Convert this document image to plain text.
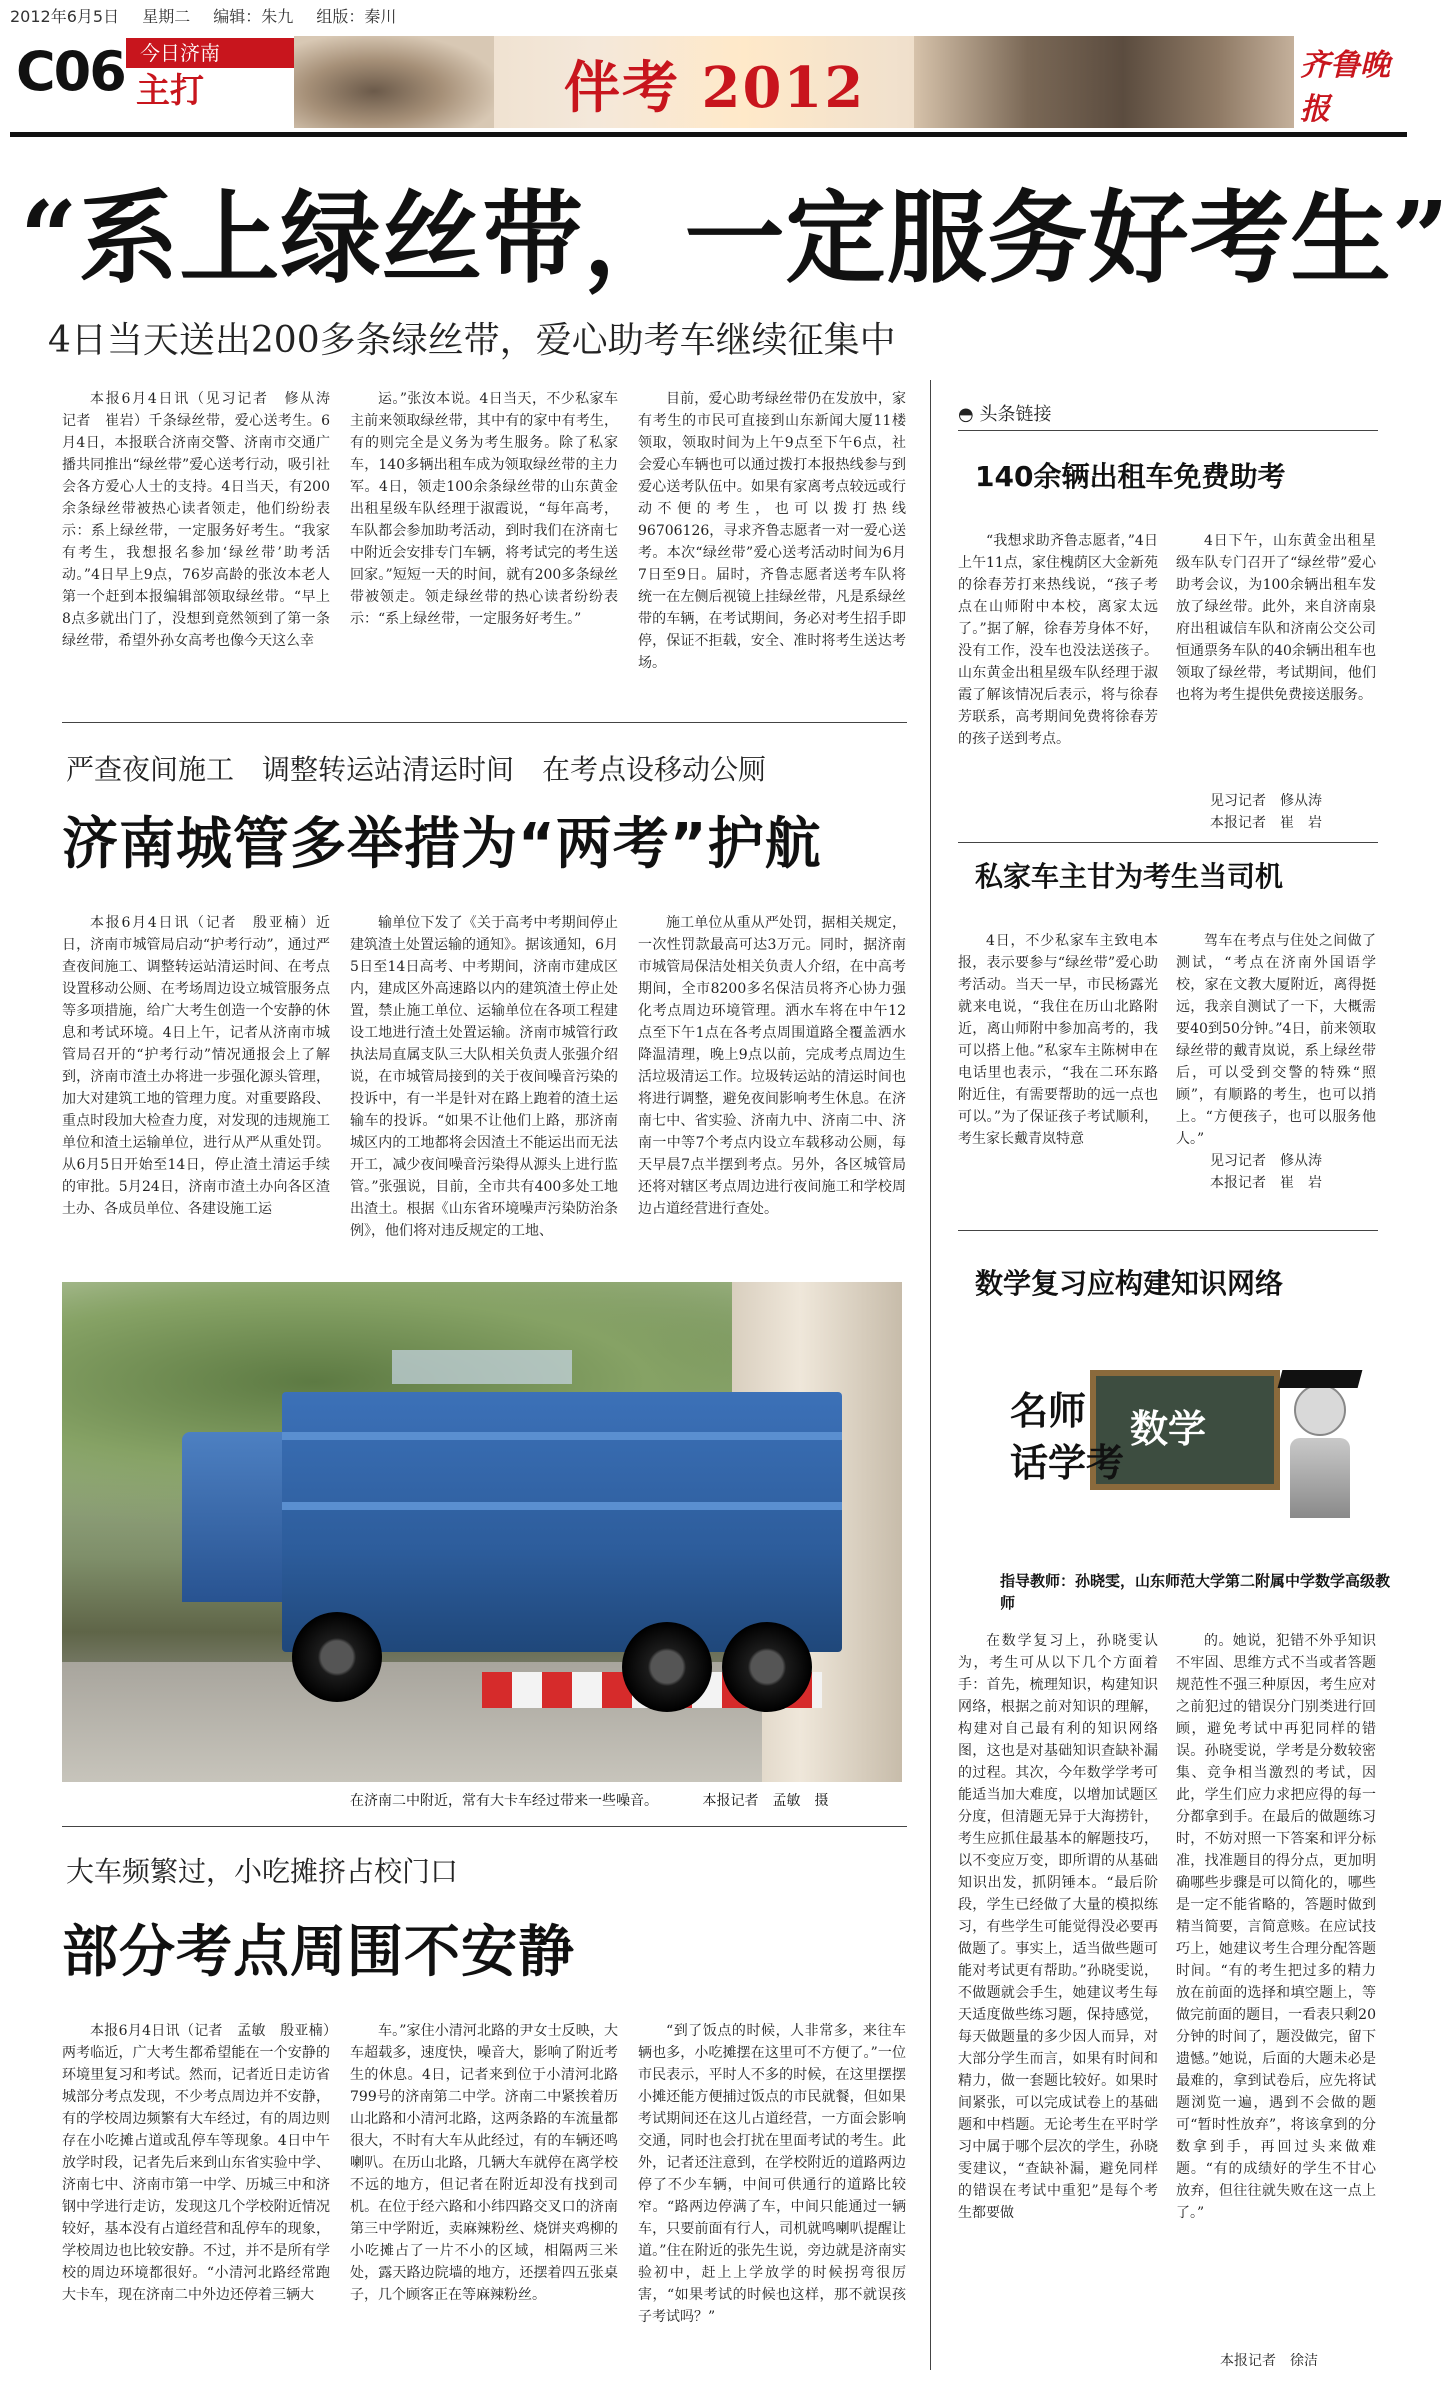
2012年6月5日 星期二 编辑：朱九 组版：秦川
C06 今日济南
主打	伴考 2012	齐鲁晚报
“系上绿丝带，一定服务好考生”
4日当天送出200多条绿丝带，爱心助考车继续征集中

本报6月4日讯（见习记者　修从涛　记者　崔岩）千条绿丝带，爱心送考生。6月4日，本报联合济南交警、济南市交通广播共同推出“绿丝带”爱心送考行动，吸引社会各方爱心人士的支持。4日当天，有200余条绿丝带被热心读者领走，他们纷纷表示：系上绿丝带，一定服务好考生。“我家有考生，我想报名参加‘绿丝带’助考活动。”4日早上9点，76岁高龄的张汝本老人第一个赶到本报编辑部领取绿丝带。“早上8点多就出门了，没想到竟然领到了第一条绿丝带，希望外孙女高考也像今天这么幸

运。”张汝本说。4日当天，不少私家车主前来领取绿丝带，其中有的家中有考生，有的则完全是义务为考生服务。除了私家车，140多辆出租车成为领取绿丝带的主力军。4日，领走100余条绿丝带的山东黄金出租星级车队经理于淑霞说，“每年高考，车队都会参加助考活动，到时我们在济南七中附近会安排专门车辆，将考试完的考生送回家。”短短一天的时间，就有200多条绿丝带被领走。领走绿丝带的热心读者纷纷表示：“系上绿丝带，一定服务好考生。”

目前，爱心助考绿丝带仍在发放中，家有考生的市民可直接到山东新闻大厦11楼领取，领取时间为上午9点至下午6点，社会爱心车辆也可以通过拨打本报热线参与到爱心送考队伍中。如果有家离考点较远或行动不便的考生，也可以拨打热线96706126，寻求齐鲁志愿者一对一爱心送考。本次“绿丝带”爱心送考活动时间为6月7日至9日。届时，齐鲁志愿者送考车队将统一在左侧后视镜上挂绿丝带，凡是系绿丝带的车辆，在考试期间，务必对考生招手即停，保证不拒载，安全、准时将考生送达考场。

严查夜间施工　调整转运站清运时间　在考点设移动公厕
济南城管多举措为“两考”护航

本报6月4日讯（记者　殷亚楠）近日，济南市城管局启动“护考行动”，通过严查夜间施工、调整转运站清运时间、在考点设置移动公厕、在考场周边设立城管服务点等多项措施，给广大考生创造一个安静的休息和考试环境。4日上午，记者从济南市城管局召开的“护考行动”情况通报会上了解到，济南市渣土办将进一步强化源头管理，加大对建筑工地的管理力度。对重要路段、重点时段加大检查力度，对发现的违规施工单位和渣土运输单位，进行从严从重处罚。从6月5日开始至14日，停止渣土清运手续的审批。5月24日，济南市渣土办向各区渣土办、各成员单位、各建设施工运

输单位下发了《关于高考中考期间停止建筑渣土处置运输的通知》。据该通知，6月5日至14日高考、中考期间，济南市建成区内，建成区外高速路以内的建筑渣土停止处置，禁止施工单位、运输单位在各项工程建设工地进行渣土处置运输。济南市城管行政执法局直属支队三大队相关负责人张强介绍说，在市城管局接到的关于夜间噪音污染的投诉中，有一半是针对在路上跑着的渣土运输车的投诉。“如果不让他们上路，那济南城区内的工地都将会因渣土不能运出而无法开工，减少夜间噪音污染得从源头上进行监管。”张强说，目前，全市共有400多处工地出渣土。根据《山东省环境噪声污染防治条例》，他们将对违反规定的工地、

施工单位从重从严处罚，据相关规定，一次性罚款最高可达3万元。同时，据济南市城管局保洁处相关负责人介绍，在中高考期间，全市8200多名保洁员将齐心协力强化考点周边环境管理。洒水车将在中午12点至下午1点在各考点周围道路全覆盖洒水降温清理，晚上9点以前，完成考点周边生活垃圾清运工作。垃圾转运站的清运时间也将进行调整，避免夜间影响考生休息。在济南七中、省实验、济南九中、济南二中、济南一中等7个考点内设立车载移动公厕，每天早晨7点半摆到考点。另外，各区城管局还将对辖区考点周边进行夜间施工和学校周边占道经营进行查处。

在济南二中附近，常有大卡车经过带来一些噪音。	本报记者　孟敏　摄
大车频繁过，小吃摊挤占校门口
部分考点周围不安静

本报6月4日讯（记者　孟敏　殷亚楠）两考临近，广大考生都希望能在一个安静的环境里复习和考试。然而，记者近日走访省城部分考点发现，不少考点周边并不安静，有的学校周边频繁有大车经过，有的周边则存在小吃摊占道或乱停车等现象。4日中午放学时段，记者先后来到山东省实验中学、济南七中、济南市第一中学、历城三中和济钢中学进行走访，发现这几个学校附近情况较好，基本没有占道经营和乱停车的现象，学校周边也比较安静。不过，并不是所有学校的周边环境都很好。“小清河北路经常跑大卡车，现在济南二中外边还停着三辆大

车。”家住小清河北路的尹女士反映，大车超载多，速度快，噪音大，影响了附近考生的休息。4日，记者来到位于小清河北路799号的济南第二中学。济南二中紧挨着历山北路和小清河北路，这两条路的车流量都很大，不时有大车从此经过，有的车辆还鸣喇叭。在历山北路，几辆大车就停在离学校不远的地方，但记者在附近却没有找到司机。在位于经六路和小纬四路交叉口的济南第三中学附近，卖麻辣粉丝、烧饼夹鸡柳的小吃摊占了一片不小的区域，相隔两三米处，露天路边院墙的地方，还摆着四五张桌子，几个顾客正在等麻辣粉丝。

“到了饭点的时候，人非常多，来往车辆也多，小吃摊摆在这里可不方便了。”一位市民表示，平时人不多的时候，在这里摆摆小摊还能方便捕过饭点的市民就餐，但如果考试期间还在这儿占道经营，一方面会影响交通，同时也会打扰在里面考试的考生。此外，记者还注意到，在学校附近的道路两边停了不少车辆，中间可供通行的道路比较窄。“路两边停满了车，中间只能通过一辆车，只要前面有行人，司机就鸣喇叭提醒让道。”住在附近的张先生说，旁边就是济南实验初中，赶上上学放学的时候拐弯很厉害，“如果考试的时候也这样，那不就误孩子考试吗？”

◓ 头条链接
140余辆出租车免费助考

“我想求助齐鲁志愿者，”4日上午11点，家住槐荫区大金新苑的徐春芳打来热线说，“孩子考点在山师附中本校，离家太远了。”据了解，徐春芳身体不好，没有工作，没车也没法送孩子。山东黄金出租星级车队经理于淑霞了解该情况后表示，将与徐春芳联系，高考期间免费将徐春芳的孩子送到考点。

4日下午，山东黄金出租星级车队专门召开了“绿丝带”爱心助考会议，为100余辆出租车发放了绿丝带。此外，来自济南泉府出租诚信车队和济南公交公司恒通票务车队的40余辆出租车也领取了绿丝带，考试期间，他们也将为考生提供免费接送服务。

见习记者　修从涛
本报记者　崔　岩
私家车主甘为考生当司机

4日，不少私家车主致电本报，表示要参与“绿丝带”爱心助考活动。当天一早，市民杨露光就来电说，“我住在历山北路附近，离山师附中参加高考的，我可以搭上他。”私家车主陈树申在电话里也表示，“我在二环东路附近住，有需要帮助的远一点也可以。”为了保证孩子考试顺利，考生家长戴青岚特意

驾车在考点与住处之间做了测试，“考点在济南外国语学校，家在文教大厦附近，离得挺远，我亲自测试了一下，大概需要40到50分钟。”4日，前来领取绿丝带的戴青岚说，系上绿丝带后，可以受到交警的特殊“照顾”，有顺路的考生，也可以捎上。“方便孩子，也可以服务他人。”

见习记者　修从涛
本报记者　崔　岩
数学复习应构建知识网络
数学
名师
话学考
指导教师：孙晓雯，山东师范大学第二附属中学数学高级教师

在数学复习上，孙晓雯认为，考生可从以下几个方面着手：首先，梳理知识，构建知识网络，根据之前对知识的理解，构建对自己最有利的知识网络图，这也是对基础知识查缺补漏的过程。其次，今年数学学考可能适当加大难度，以增加试题区分度，但清题无异于大海捞针，考生应抓住最基本的解题技巧，以不变应万变，即所谓的从基础知识出发，抓阴锤本。“最后阶段，学生已经做了大量的模拟练习，有些学生可能觉得没必要再做题了。事实上，适当做些题可能对考试更有帮助。”孙晓雯说，不做题就会手生，她建议考生每天适度做些练习题，保持感觉，每天做题量的多少因人而异，对大部分学生而言，如果有时间和精力，做一套题比较好。如果时间紧张，可以完成试卷上的基础题和中档题。无论考生在平时学习中属于哪个层次的学生，孙晓雯建议，“查缺补漏，避免同样的错误在考试中重犯”是每个考生都要做

的。她说，犯错不外乎知识不牢固、思维方式不当或者答题规范性不强三种原因，考生应对之前犯过的错误分门别类进行回顾，避免考试中再犯同样的错误。孙晓雯说，学考是分数较密集、竞争相当激烈的考试，因此，学生们应力求把应得的每一分都拿到手。在最后的做题练习时，不妨对照一下答案和评分标准，找准题目的得分点，更加明确哪些步骤是可以简化的，哪些是一定不能省略的，答题时做到精当简要，言简意赅。在应试技巧上，她建议考生合理分配答题时间。“有的考生把过多的精力放在前面的选择和填空题上，等做完前面的题目，一看表只剩20分钟的时间了，题没做完，留下遗憾。”她说，后面的大题未必是最难的，拿到试卷后，应先将试题浏览一遍，遇到不会做的题可“暂时性放弃”，将该拿到的分数拿到手，再回过头来做难题。“有的成绩好的学生不甘心放弃，但往往就失败在这一点上了。”

本报记者　徐洁
